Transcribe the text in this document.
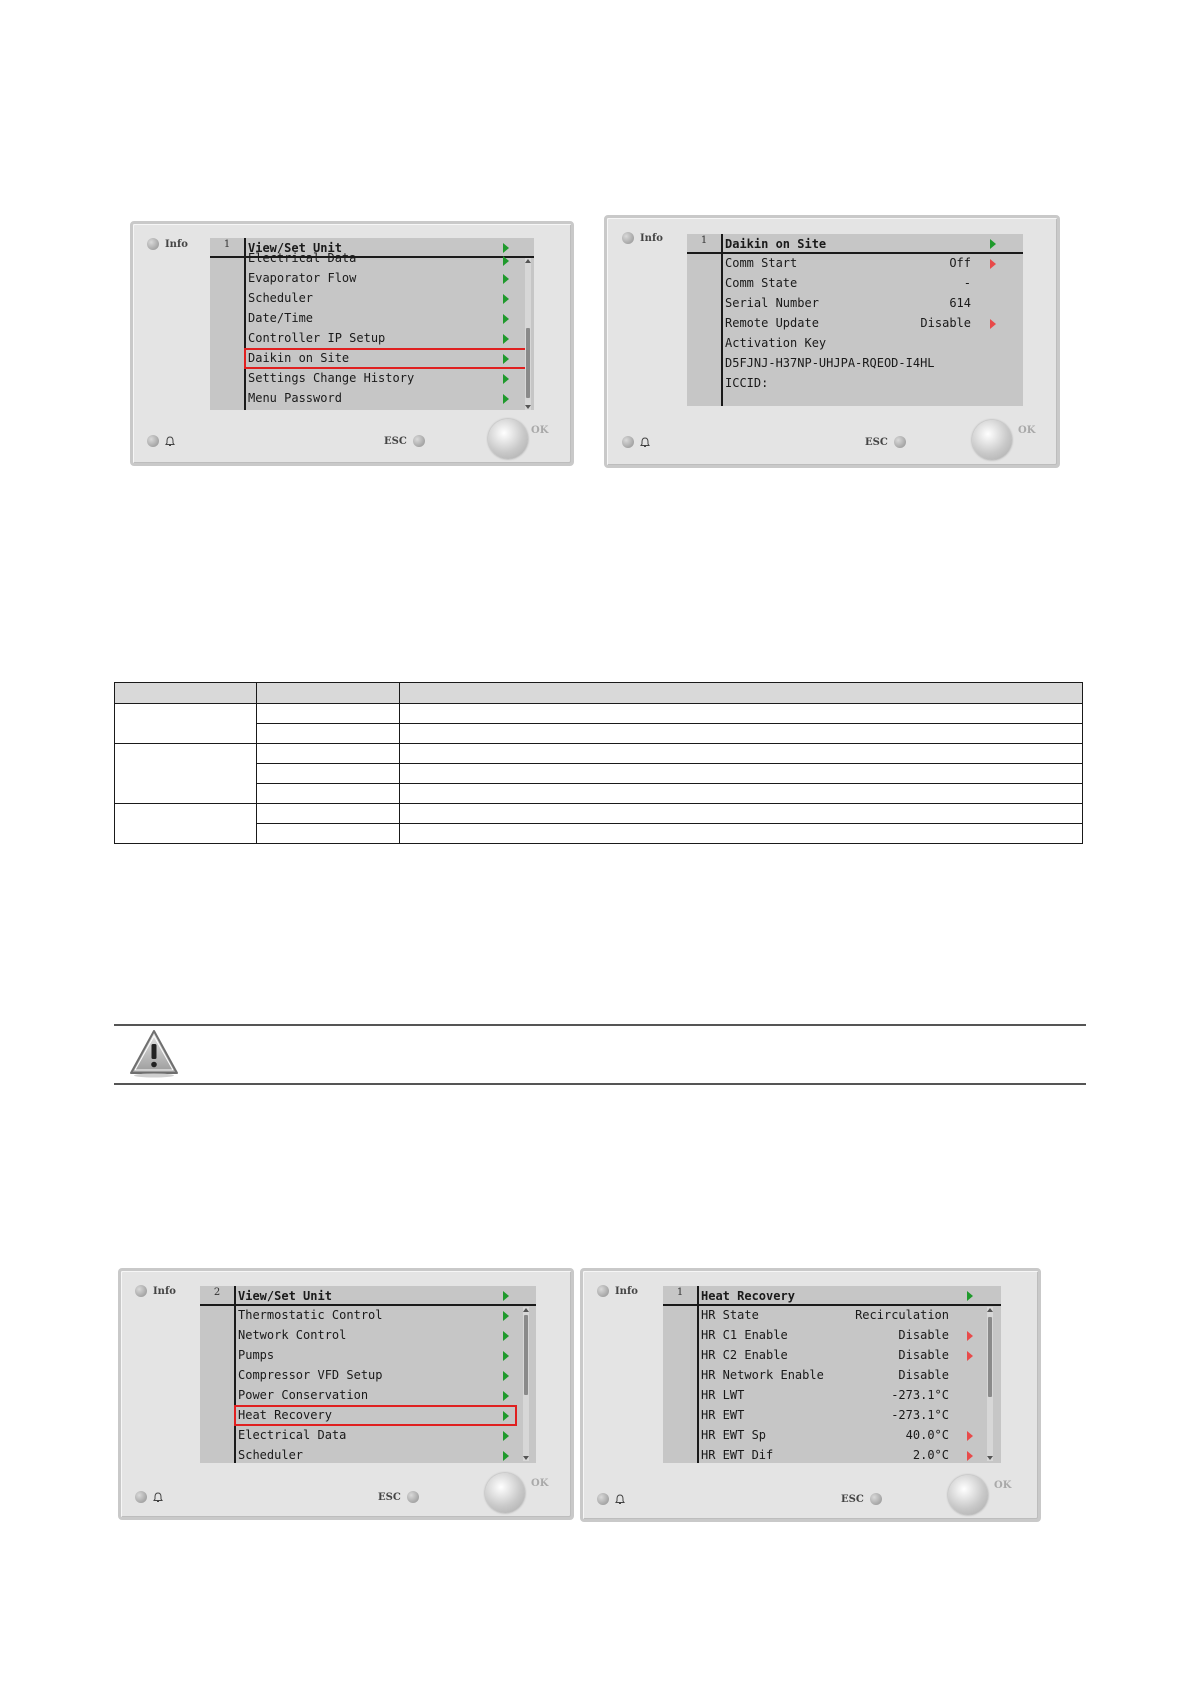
Info
ESC
OK
1	View/Set Unit
Electrical Data
Evaporator Flow
Scheduler
Date/Time
Controller IP Setup
Daikin on Site
Settings Change History
Menu Password
Info
ESC
OK
1	Daikin on Site
Comm Start	Off
Comm State	-
Serial Number	614
Remote Update	Disable
Activation Key
D5FJNJ-H37NP-UHJPA-RQEOD-I4HL
ICCID:

Info
ESC
OK
2	View/Set Unit
Thermostatic Control
Network Control
Pumps
Compressor VFD Setup
Power Conservation
Heat Recovery
Electrical Data
Scheduler
Info
ESC
OK
1	Heat Recovery
HR State	Recirculation
HR C1 Enable	Disable
HR C2 Enable	Disable
HR Network Enable	Disable
HR LWT	-273.1°C
HR EWT	-273.1°C
HR EWT Sp	40.0°C
HR EWT Dif	2.0°C
